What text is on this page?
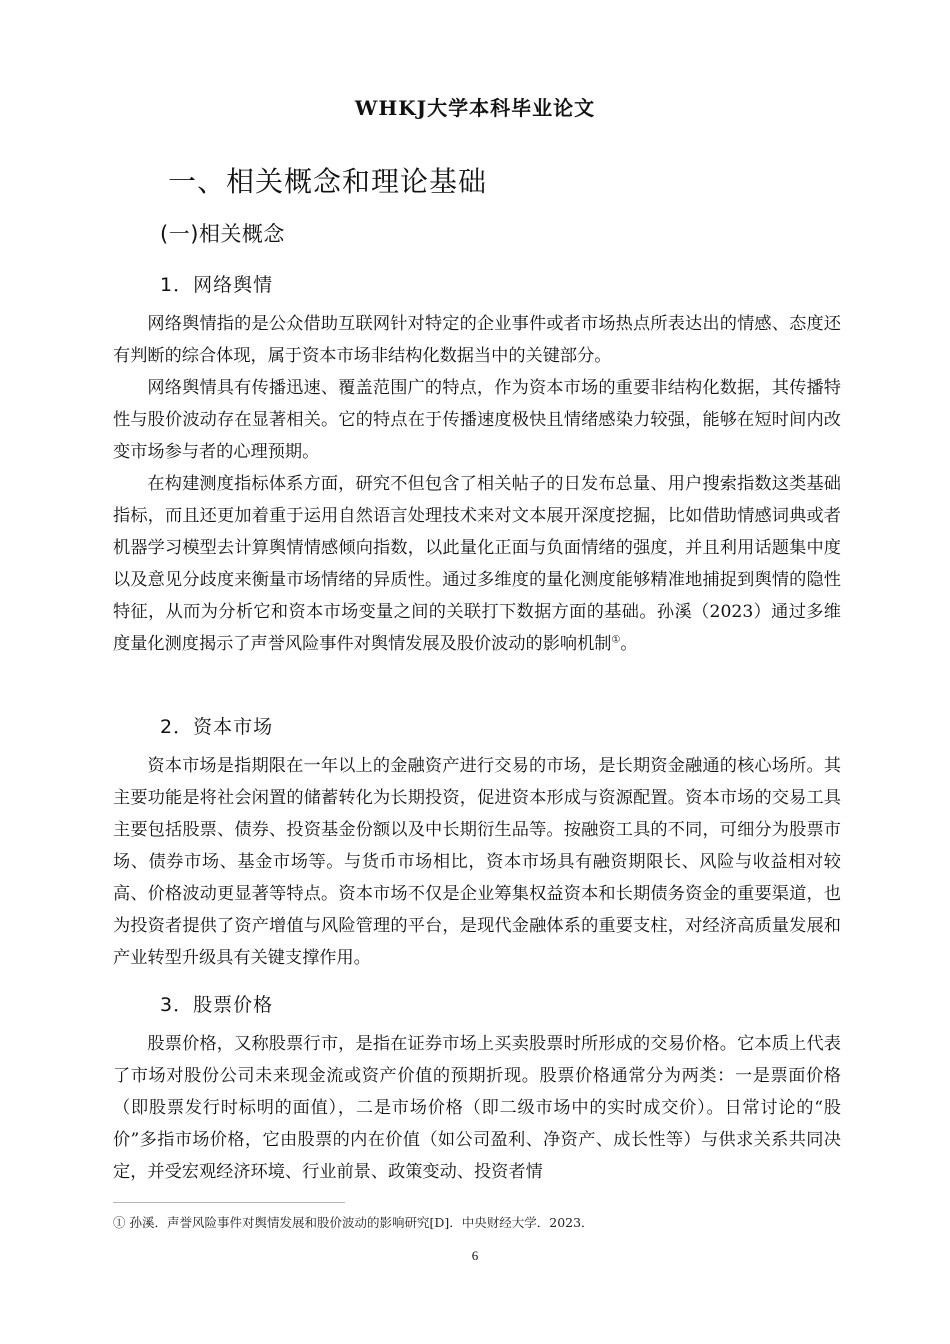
WHKJ大学本科毕业论文
一、相关概念和理论基础
(一)相关概念
1．网络舆情

网络舆情指的是公众借助互联网针对特定的企业事件或者市场热点所表达出的情感、态度还有判断的综合体现，属于资本市场非结构化数据当中的关键部分。

网络舆情具有传播迅速、覆盖范围广的特点，作为资本市场的重要非结构化数据，其传播特性与股价波动存在显著相关。它的特点在于传播速度极快且情绪感染力较强，能够在短时间内改变市场参与者的心理预期。

在构建测度指标体系方面，研究不但包含了相关帖子的日发布总量、用户搜索指数这类基础指标，而且还更加着重于运用自然语言处理技术来对文本展开深度挖掘，比如借助情感词典或者机器学习模型去计算舆情情感倾向指数，以此量化正面与负面情绪的强度，并且利用话题集中度以及意见分歧度来衡量市场情绪的异质性。通过多维度的量化测度能够精准地捕捉到舆情的隐性特征，从而为分析它和资本市场变量之间的关联打下数据方面的基础。孙溪（2023）通过多维度量化测度揭示了声誉风险事件对舆情发展及股价波动的影响机制①。

2．资本市场

资本市场是指期限在一年以上的金融资产进行交易的市场，是长期资金融通的核心场所。其主要功能是将社会闲置的储蓄转化为长期投资，促进资本形成与资源配置。资本市场的交易工具主要包括股票、债券、投资基金份额以及中长期衍生品等。按融资工具的不同，可细分为股票市场、债券市场、基金市场等。与货币市场相比，资本市场具有融资期限长、风险与收益相对较高、价格波动更显著等特点。资本市场不仅是企业筹集权益资本和长期债务资金的重要渠道，也为投资者提供了资产增值与风险管理的平台，是现代金融体系的重要支柱，对经济高质量发展和产业转型升级具有关键支撑作用。

3．股票价格

股票价格，又称股票行市，是指在证券市场上买卖股票时所形成的交易价格。它本质上代表了市场对股份公司未来现金流或资产价值的预期折现。股票价格通常分为两类：一是票面价格（即股票发行时标明的面值），二是市场价格（即二级市场中的实时成交价）。日常讨论的“股价”多指市场价格，它由股票的内在价值（如公司盈利、净资产、成长性等）与供求关系共同决定，并受宏观经济环境、行业前景、政策变动、投资者情

① 孙溪．声誉风险事件对舆情发展和股价波动的影响研究[D]．中央财经大学．2023．
6
